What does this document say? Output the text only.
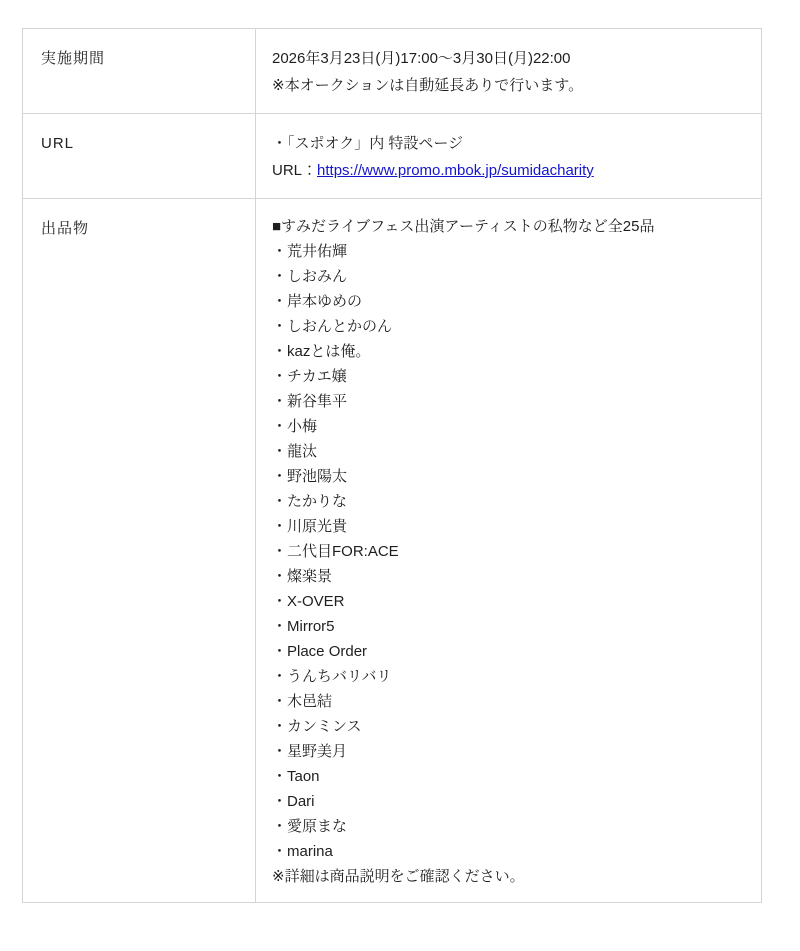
実施期間	2026年3月23日(月)17:00〜3月30日(月)22:00
※本オークションは自動延長ありで行います。

URL	・「スポオク」内 特設ページ
URL：https://www.promo.mbok.jp/sumidacharity

出品物	■すみだライブフェス出演アーティストの私物など全25品
・荒井佑輝
・しおみん
・岸本ゆめの
・しおんとかのん
・kazとは俺。
・チカエ嬢
・新谷隼平
・小梅
・龍汰
・野池陽太
・たかりな
・川原光貴
・二代目FOR:ACE
・燦楽景
・X-OVER
・Mirror5
・Place Order
・うんちバリバリ
・木邑結
・カンミンス
・星野美月
・Taon
・Dari
・愛原まな
・marina
※詳細は商品説明をご確認ください。
